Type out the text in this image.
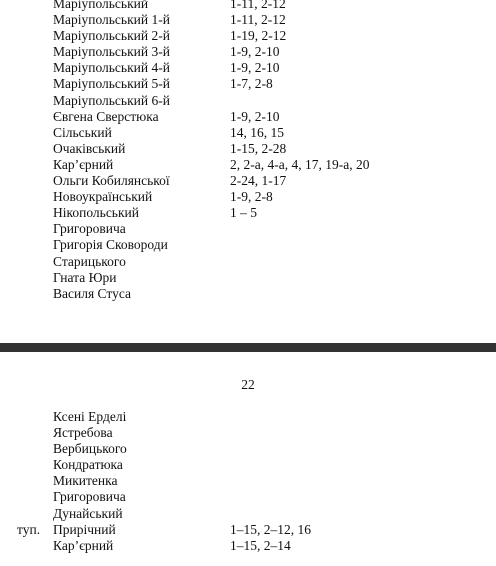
Маріупольський	1-11, 2-12
Маріупольський 1-й	1-11, 2-12
Маріупольський 2-й	1-19, 2-12
Маріупольський 3-й	1-9, 2-10
Маріупольський 4-й	1-9, 2-10
Маріупольський 5-й	1-7, 2-8
Маріупольський 6-й
Євгена Сверстюка	1-9, 2-10
Сільський	14, 16, 15
Очаківський	1-15, 2-28
Кар’єрний	2, 2-а, 4-а, 4, 17, 19-а, 20
Ольги Кобилянської	2-24, 1-17
Новоукраїнський	1-9, 2-8
Нікопольський	1 – 5
Григоровича
Григорія Сковороди
Старицького
Гната Юри
Василя Стуса
22
Ксені Ерделі
Ястребова
Вербицького
Кондратюка
Микитенка
Григоровича
Дунайський
туп. Прирічний	1–15, 2–12, 16
Кар’єрний	1–15, 2–14
